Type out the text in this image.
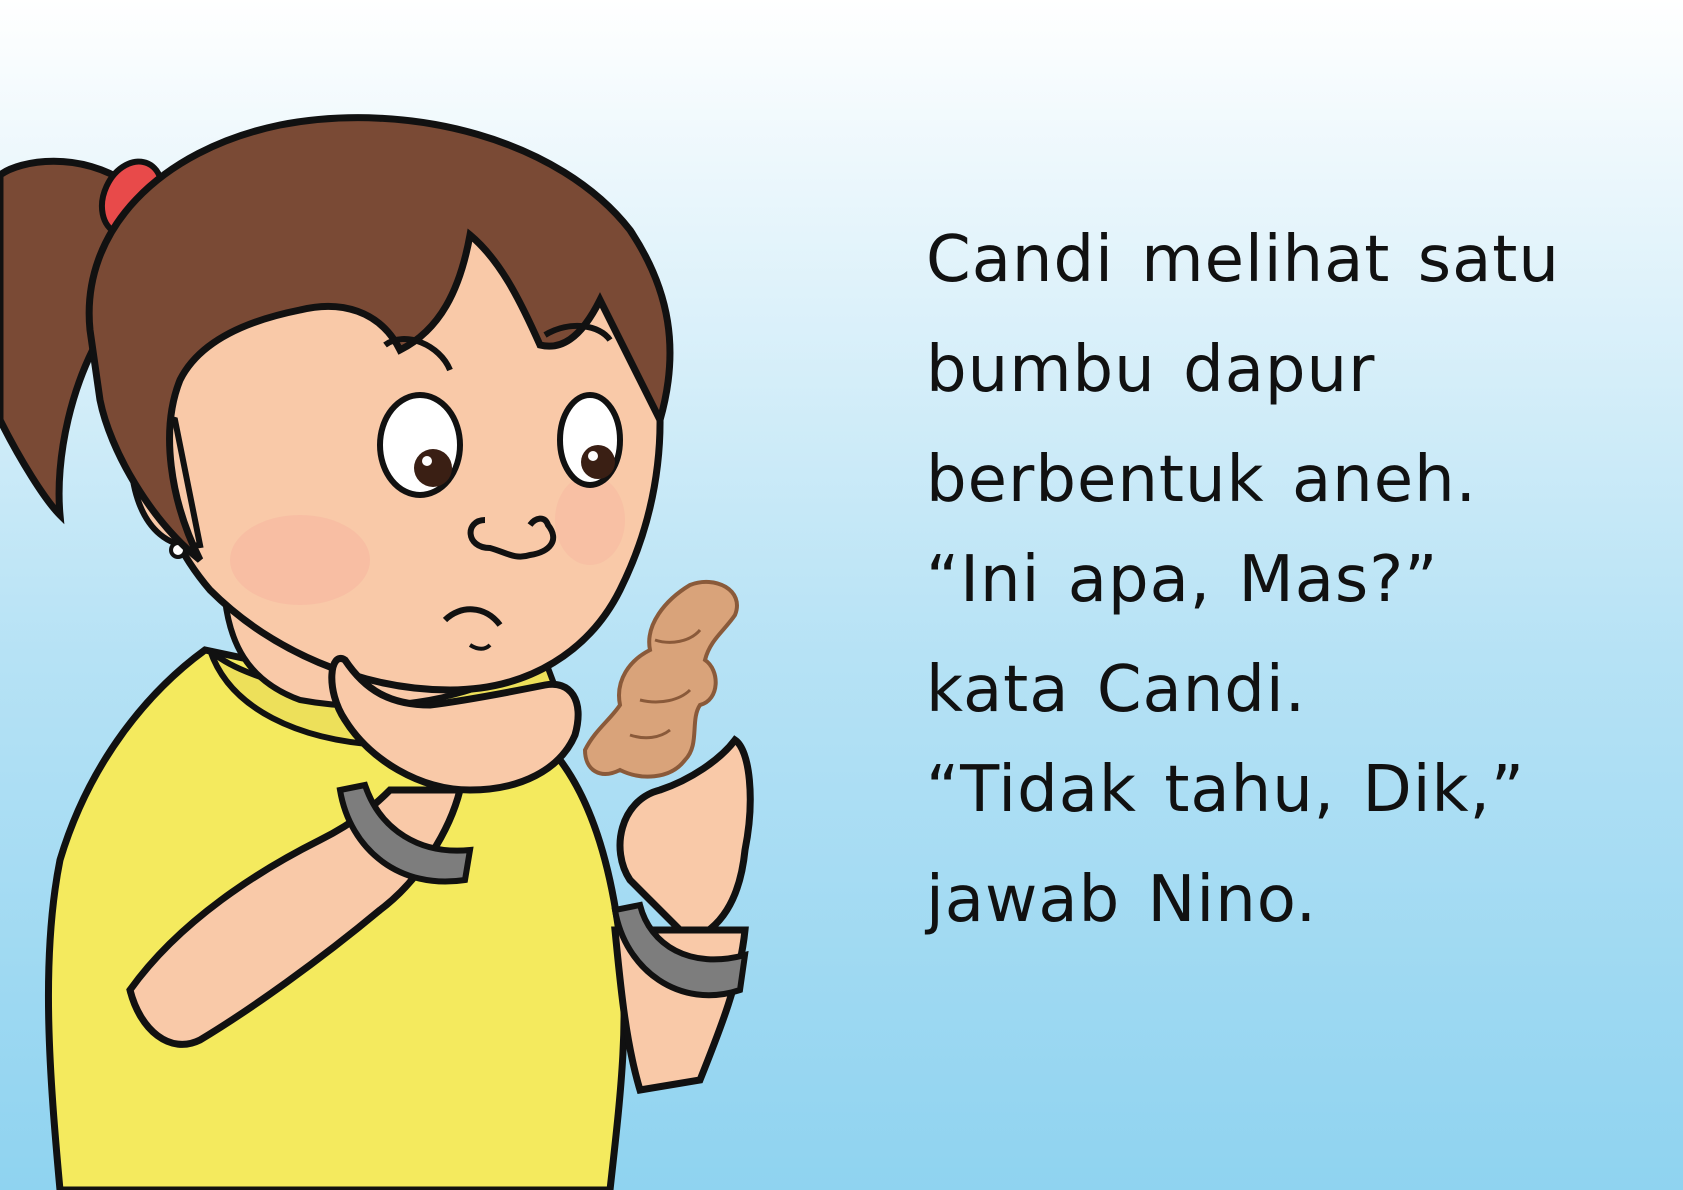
Candi melihat satu
bumbu dapur
berbentuk aneh.
“Ini apa, Mas?”
kata Candi.
“Tidak tahu, Dik,”
jawab Nino.
